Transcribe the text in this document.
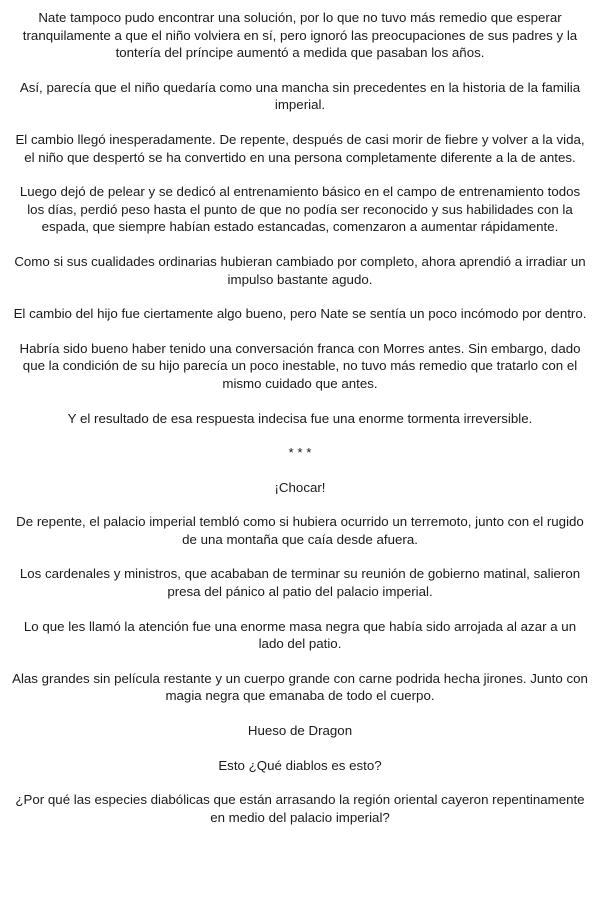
Nate tampoco pudo encontrar una solución, por lo que no tuvo más remedio que esperar tranquilamente a que el niño volviera en sí, pero ignoró las preocupaciones de sus padres y la tontería del príncipe aumentó a medida que pasaban los años.

Así, parecía que el niño quedaría como una mancha sin precedentes en la historia de la familia imperial.

El cambio llegó inesperadamente. De repente, después de casi morir de fiebre y volver a la vida, el niño que despertó se ha convertido en una persona completamente diferente a la de antes.

Luego dejó de pelear y se dedicó al entrenamiento básico en el campo de entrenamiento todos los días, perdió peso hasta el punto de que no podía ser reconocido y sus habilidades con la espada, que siempre habían estado estancadas, comenzaron a aumentar rápidamente.

Como si sus cualidades ordinarias hubieran cambiado por completo, ahora aprendió a irradiar un impulso bastante agudo.

El cambio del hijo fue ciertamente algo bueno, pero Nate se sentía un poco incómodo por dentro.

Habría sido bueno haber tenido una conversación franca con Morres antes. Sin embargo, dado que la condición de su hijo parecía un poco inestable, no tuvo más remedio que tratarlo con el mismo cuidado que antes.

Y el resultado de esa respuesta indecisa fue una enorme tormenta irreversible.

* * *

¡Chocar!

De repente, el palacio imperial tembló como si hubiera ocurrido un terremoto, junto con el rugido de una montaña que caía desde afuera.

Los cardenales y ministros, que acababan de terminar su reunión de gobierno matinal, salieron presa del pánico al patio del palacio imperial.

Lo que les llamó la atención fue una enorme masa negra que había sido arrojada al azar a un lado del patio.

Alas grandes sin película restante y un cuerpo grande con carne podrida hecha jirones. Junto con magia negra que emanaba de todo el cuerpo.

Hueso de Dragon

Esto ¿Qué diablos es esto?

¿Por qué las especies diabólicas que están arrasando la región oriental cayeron repentinamente en medio del palacio imperial?
